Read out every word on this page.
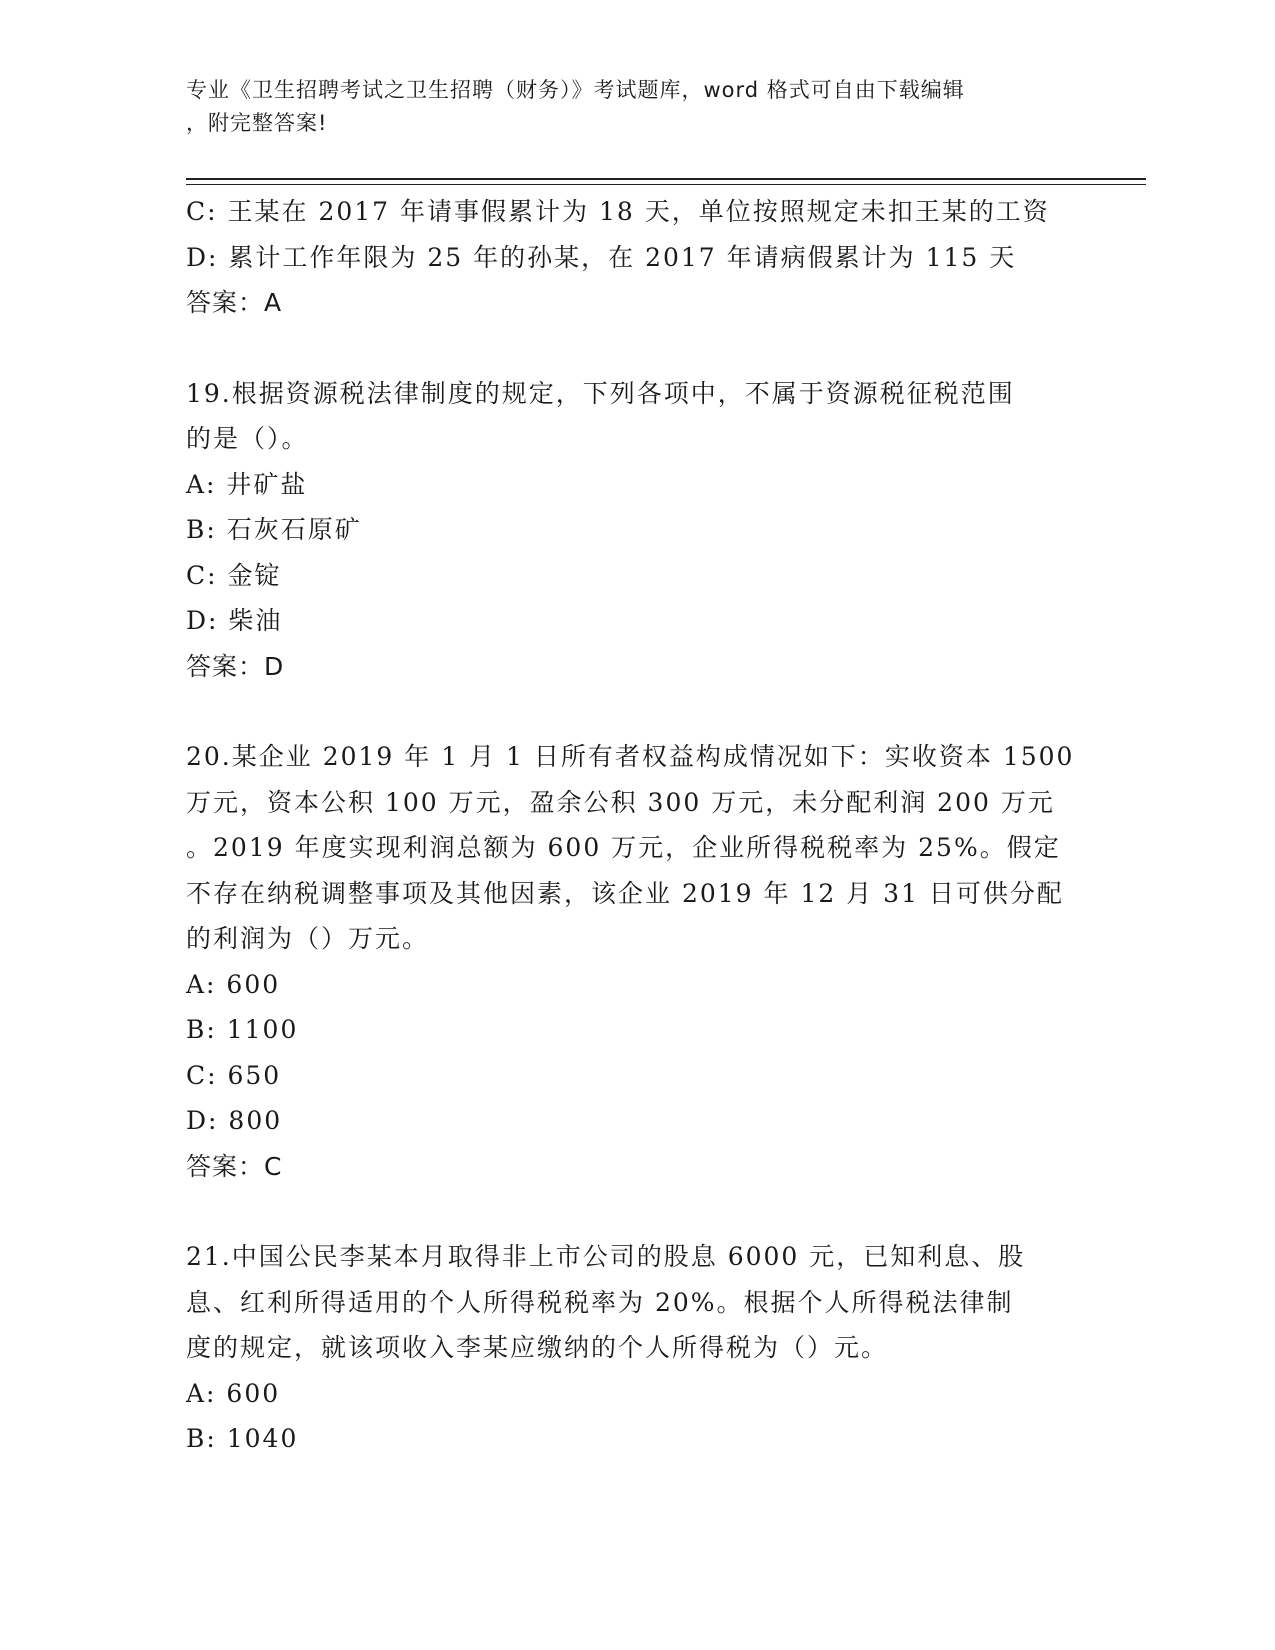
专业《卫生招聘考试之卫生招聘（财务）》考试题库，word 格式可自由下载编辑
，附完整答案!
C: 王某在 2017 年请事假累计为 18 天，单位按照规定未扣王某的工资
D: 累计工作年限为 25 年的孙某，在 2017 年请病假累计为 115 天
答案：A
19.根据资源税法律制度的规定，下列各项中，不属于资源税征税范围
的是（）。
A: 井矿盐
B: 石灰石原矿
C: 金锭
D: 柴油
答案：D
20.某企业 2019 年 1 月 1 日所有者权益构成情况如下：实收资本 1500
万元，资本公积 100 万元，盈余公积 300 万元，未分配利润 200 万元
。2019 年度实现利润总额为 600 万元，企业所得税税率为 25%。假定
不存在纳税调整事项及其他因素，该企业 2019 年 12 月 31 日可供分配
的利润为（）万元。
A: 600
B: 1100
C: 650
D: 800
答案：C
21.中国公民李某本月取得非上市公司的股息 6000 元，已知利息、股
息、红利所得适用的个人所得税税率为 20%。根据个人所得税法律制
度的规定，就该项收入李某应缴纳的个人所得税为（）元。
A: 600
B: 1040
